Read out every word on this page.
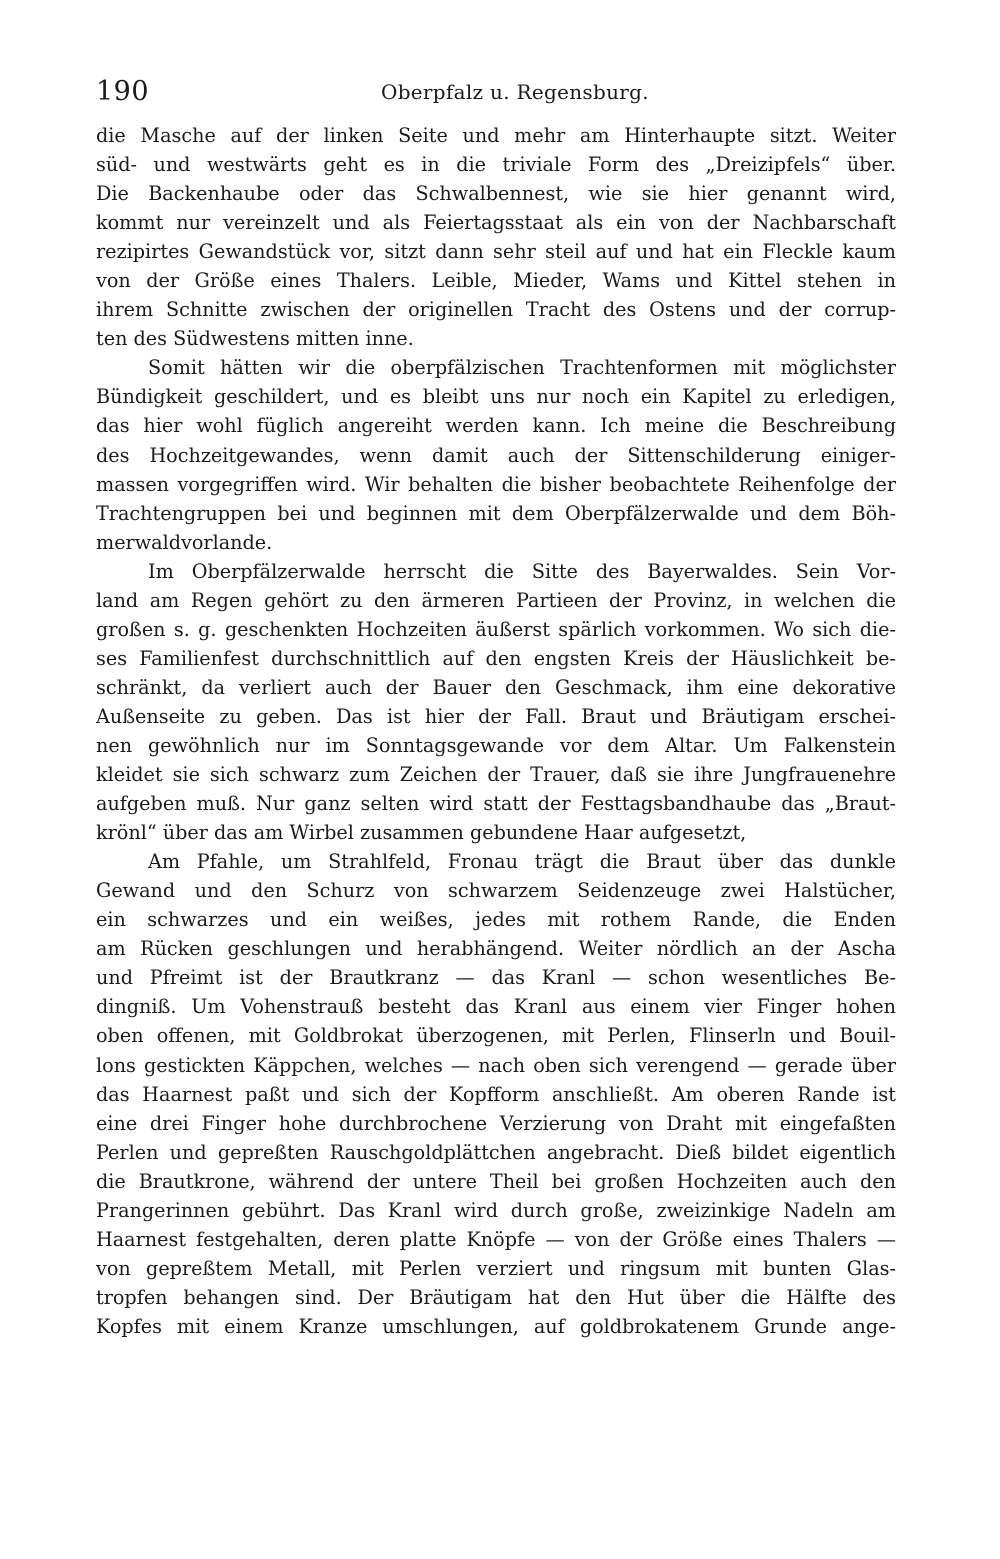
190	Oberpfalz u. Regensburg.
die Masche auf der linken Seite und mehr am Hinterhaupte sitzt. Weiter
süd- und westwärts geht es in die triviale Form des „Dreizipfels“ über.
Die Backenhaube oder das Schwalbennest, wie sie hier genannt wird,
kommt nur vereinzelt und als Feiertagsstaat als ein von der Nachbarschaft
rezipirtes Gewandstück vor, sitzt dann sehr steil auf und hat ein Fleckle kaum
von der Größe eines Thalers. Leible, Mieder, Wams und Kittel stehen in
ihrem Schnitte zwischen der originellen Tracht des Ostens und der corrup-
ten des Südwestens mitten inne.
Somit hätten wir die oberpfälzischen Trachtenformen mit möglichster
Bündigkeit geschildert, und es bleibt uns nur noch ein Kapitel zu erledigen,
das hier wohl füglich angereiht werden kann. Ich meine die Beschreibung
des Hochzeitgewandes, wenn damit auch der Sittenschilderung einiger-
massen vorgegriffen wird. Wir behalten die bisher beobachtete Reihenfolge der
Trachtengruppen bei und beginnen mit dem Oberpfälzerwalde und dem Böh-
merwaldvorlande.
Im Oberpfälzerwalde herrscht die Sitte des Bayerwaldes. Sein Vor-
land am Regen gehört zu den ärmeren Partieen der Provinz, in welchen die
großen s. g. geschenkten Hochzeiten äußerst spärlich vorkommen. Wo sich die-
ses Familienfest durchschnittlich auf den engsten Kreis der Häuslichkeit be-
schränkt, da verliert auch der Bauer den Geschmack, ihm eine dekorative
Außenseite zu geben. Das ist hier der Fall. Braut und Bräutigam erschei-
nen gewöhnlich nur im Sonntagsgewande vor dem Altar. Um Falkenstein
kleidet sie sich schwarz zum Zeichen der Trauer, daß sie ihre Jungfrauenehre
aufgeben muß. Nur ganz selten wird statt der Festtagsbandhaube das „Braut-
krönl“ über das am Wirbel zusammen gebundene Haar aufgesetzt,
Am Pfahle, um Strahlfeld, Fronau trägt die Braut über das dunkle
Gewand und den Schurz von schwarzem Seidenzeuge zwei Halstücher,
ein schwarzes und ein weißes, jedes mit rothem Rande, die Enden
am Rücken geschlungen und herabhängend. Weiter nördlich an der Ascha
und Pfreimt ist der Brautkranz — das Kranl — schon wesentliches Be-
dingniß. Um Vohenstrauß besteht das Kranl aus einem vier Finger hohen
oben offenen, mit Goldbrokat überzogenen, mit Perlen, Flinserln und Bouil-
lons gestickten Käppchen, welches — nach oben sich verengend — gerade über
das Haarnest paßt und sich der Kopfform anschließt. Am oberen Rande ist
eine drei Finger hohe durchbrochene Verzierung von Draht mit eingefaßten
Perlen und gepreßten Rauschgoldplättchen angebracht. Dieß bildet eigentlich
die Brautkrone, während der untere Theil bei großen Hochzeiten auch den
Prangerinnen gebührt. Das Kranl wird durch große, zweizinkige Nadeln am
Haarnest festgehalten, deren platte Knöpfe — von der Größe eines Thalers —
von gepreßtem Metall, mit Perlen verziert und ringsum mit bunten Glas-
tropfen behangen sind. Der Bräutigam hat den Hut über die Hälfte des
Kopfes mit einem Kranze umschlungen, auf goldbrokatenem Grunde ange-
